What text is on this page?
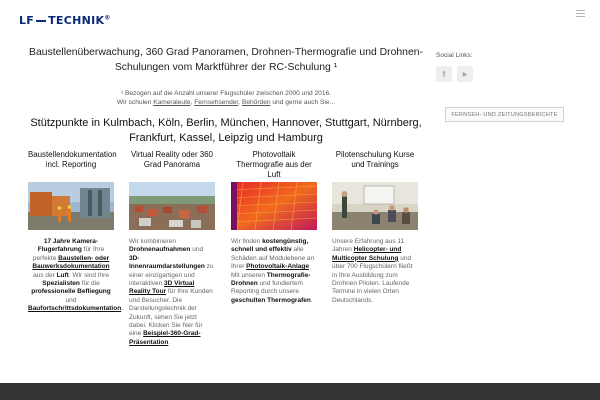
LF TECHNIK®
Baustellenüberwachung, 360 Grad Panoramen, Drohnen-Thermografie und Drohnen-Schulungen vom Marktführer der RC-Schulung ¹
¹ Bezogen auf die Anzahl unserer Flugschüler zwischen 2000 und 2016.
Wir schulen Kameraleute, Fernsehsender, Behörden und gerne auch Sie...
Stützpunkte in Kulmbach, Köln, Berlin, München, Hannover, Stuttgart, Nürnberg, Frankfurt, Kassel, Leipzig und Hamburg
Baustellendokumentation incl. Reporting
17 Jahre Kamera-Flugerfahrung für Ihre perfekte Baustellen- oder Bauwerksdokumentation aus der Luft. Wir sind Ihre Spezialisten für die professionelle Befliegung und Baufortschrittsdokumentation.
Virtual Reality oder 360 Grad Panorama
Wir kombinieren Drohnenaufnahmen und 3D-Innenraumdarstellungen zu einer einzigartigen und interaktiven 3D Virtual Reality Tour für Ihre Kunden und Besucher. Die Darstellungstechnik der Zukunft, sehen Sie jetzt dabei. Klicken Sie hier für eine Beispiel-360-Grad-Präsentation.
Photovoltaik Thermografie aus der Luft
Wir finden kostengünstig, schnell und effektiv alle Schäden auf Modulebene an Ihrer Photovoltaik-Anlage Mit unseren Thermografie-Drohnen und fundiertem Reporting durch unsere geschulten Thermografen.
Pilotenschulung Kurse und Trainings
Unsere Erfahrung aus 11 Jahren Helicopter- und Multicopter Schulung und über 700 Flugschülern fließt in Ihre Ausbildung zum Drohnen Piloten. Laufende Termine in vielen Orten Deutschlands.
Social Links:
f	▶
FERNSEH- UND ZEITUNGSBERICHTE
